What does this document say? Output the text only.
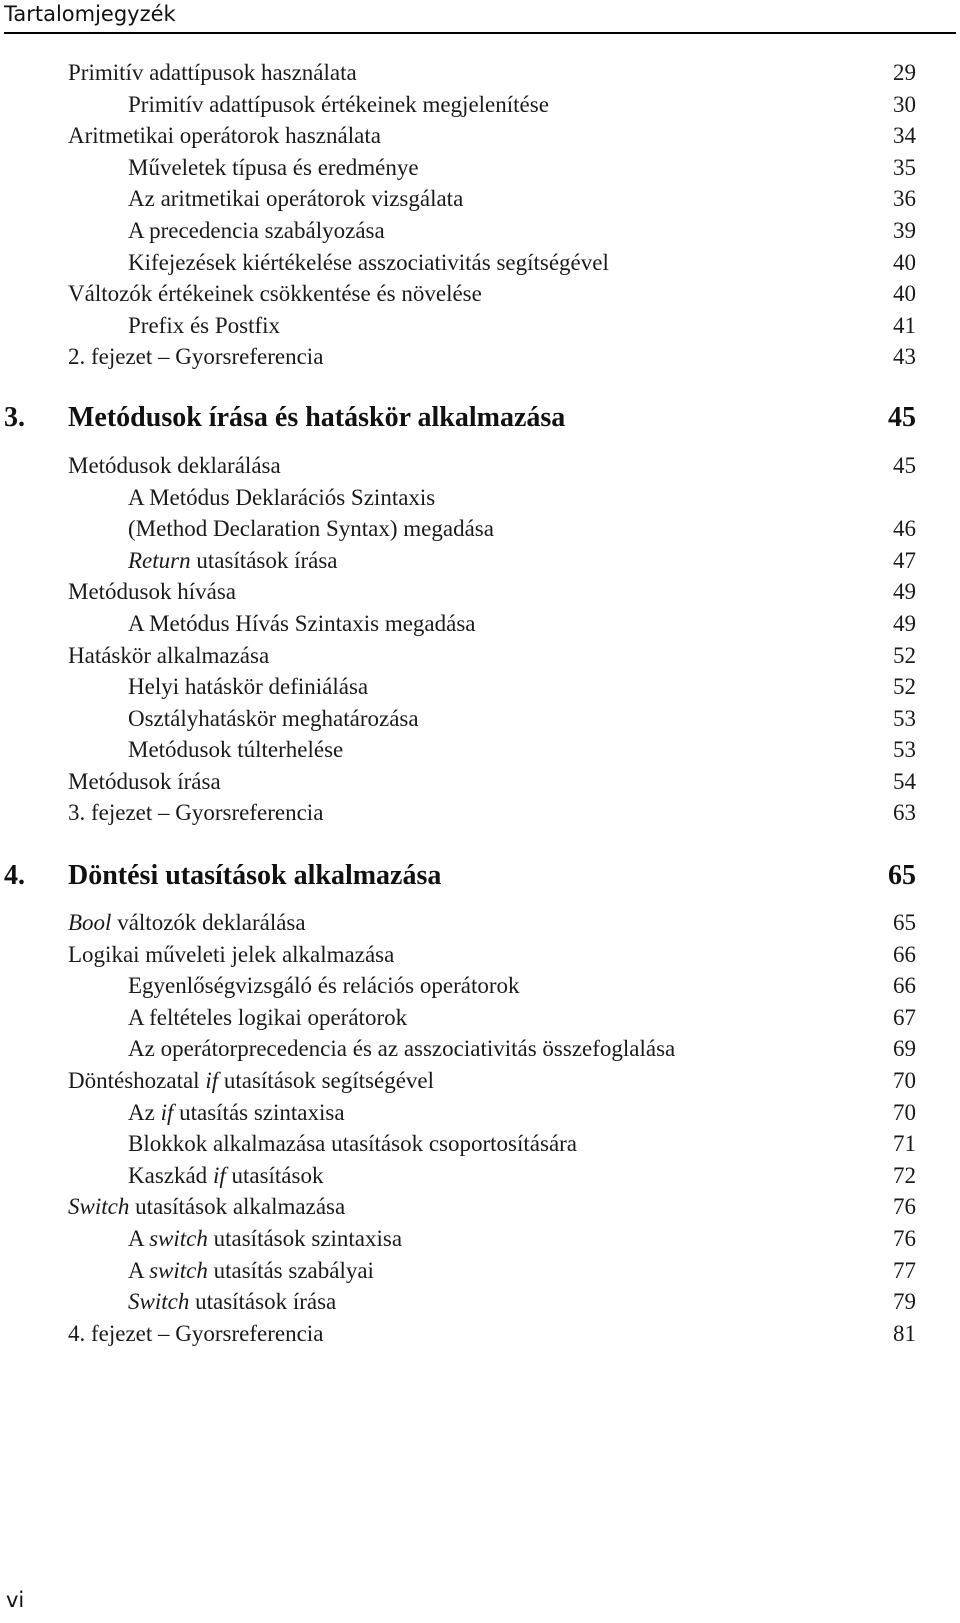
Tartalomjegyzék
Primitív adattípusok használata	29
Primitív adattípusok értékeinek megjelenítése	30
Aritmetikai operátorok használata	34
Műveletek típusa és eredménye	35
Az aritmetikai operátorok vizsgálata	36
A precedencia szabályozása	39
Kifejezések kiértékelése asszociativitás segítségével	40
Változók értékeinek csökkentése és növelése	40
Prefix és Postfix	41
2. fejezet – Gyorsreferencia	43
3.	Metódusok írása és hatáskör alkalmazása	45
Metódusok deklarálása	45
A Metódus Deklarációs Szintaxis
(Method Declaration Syntax) megadása	46
Return utasítások írása	47
Metódusok hívása	49
A Metódus Hívás Szintaxis megadása	49
Hatáskör alkalmazása	52
Helyi hatáskör definiálása	52
Osztályhatáskör meghatározása	53
Metódusok túlterhelése	53
Metódusok írása	54
3. fejezet – Gyorsreferencia	63
4.	Döntési utasítások alkalmazása	65
Bool változók deklarálása	65
Logikai műveleti jelek alkalmazása	66
Egyenlőségvizsgáló és relációs operátorok	66
A feltételes logikai operátorok	67
Az operátorprecedencia és az asszociativitás összefoglalása	69
Döntéshozatal if utasítások segítségével	70
Az if utasítás szintaxisa	70
Blokkok alkalmazása utasítások csoportosítására	71
Kaszkád if utasítások	72
Switch utasítások alkalmazása	76
A switch utasítások szintaxisa	76
A switch utasítás szabályai	77
Switch utasítások írása	79
4. fejezet – Gyorsreferencia	81
vi
